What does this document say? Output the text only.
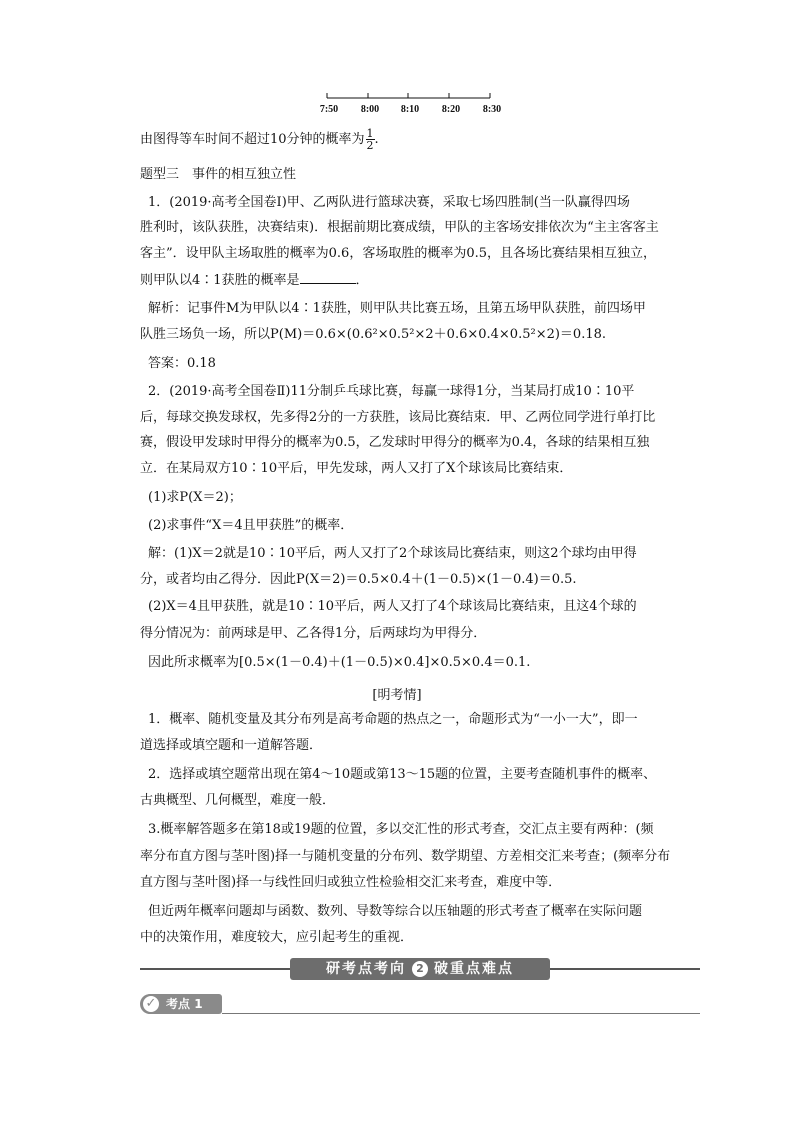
7:50 8:00 8:10 8:20 8:30
由图得等车时间不超过10分钟的概率为 $\frac{1}{2}$ .
题型三　事件的相互独立性
1．(2019·高考全国卷Ⅰ)甲、乙两队进行篮球决赛，采取七场四胜制(当一队赢得四场
胜利时，该队获胜，决赛结束)．根据前期比赛成绩，甲队的主客场安排依次为“主主客客主
客主”．设甲队主场取胜的概率为0.6，客场取胜的概率为0.5，且各场比赛结果相互独立，
则甲队以4∶1获胜的概率是	．
解析：记事件M为甲队以4∶1获胜，则甲队共比赛五场，且第五场甲队获胜，前四场甲
队胜三场负一场，所以P(M)＝0.6×(0.6²×0.5²×2＋0.6×0.4×0.5²×2)＝0.18.
答案：0.18
2．(2019·高考全国卷Ⅱ)11分制乒乓球比赛，每赢一球得1分，当某局打成10∶10平
后，每球交换发球权，先多得2分的一方获胜，该局比赛结束．甲、乙两位同学进行单打比
赛，假设甲发球时甲得分的概率为0.5，乙发球时甲得分的概率为0.4，各球的结果相互独
立．在某局双方10∶10平后，甲先发球，两人又打了X个球该局比赛结束．
(1)求P(X＝2)；
(2)求事件“X＝4且甲获胜”的概率．
解：(1)X＝2就是10∶10平后，两人又打了2个球该局比赛结束，则这2个球均由甲得
分，或者均由乙得分．因此P(X＝2)＝0.5×0.4＋(1－0.5)×(1－0.4)＝0.5.
(2)X＝4且甲获胜，就是10∶10平后，两人又打了4个球该局比赛结束，且这4个球的
得分情况为：前两球是甲、乙各得1分，后两球均为甲得分．
因此所求概率为[0.5×(1－0.4)＋(1－0.5)×0.4]×0.5×0.4＝0.1.
[明考情]
1．概率、随机变量及其分布列是高考命题的热点之一，命题形式为“一小一大”，即一
道选择或填空题和一道解答题．
2．选择或填空题常出现在第4～10题或第13～15题的位置，主要考查随机事件的概率、
古典概型、几何概型，难度一般．
3.概率解答题多在第18或19题的位置，多以交汇性的形式考查，交汇点主要有两种：(频
率分布直方图与茎叶图)择一与随机变量的分布列、数学期望、方差相交汇来考查；(频率分布
直方图与茎叶图)择一与线性回归或独立性检验相交汇来考查，难度中等．
但近两年概率问题却与函数、数列、导数等综合以压轴题的形式考查了概率在实际问题
中的决策作用，难度较大，应引起考生的重视．
研考点考向 2 破重点难点
✓ 考点 1
